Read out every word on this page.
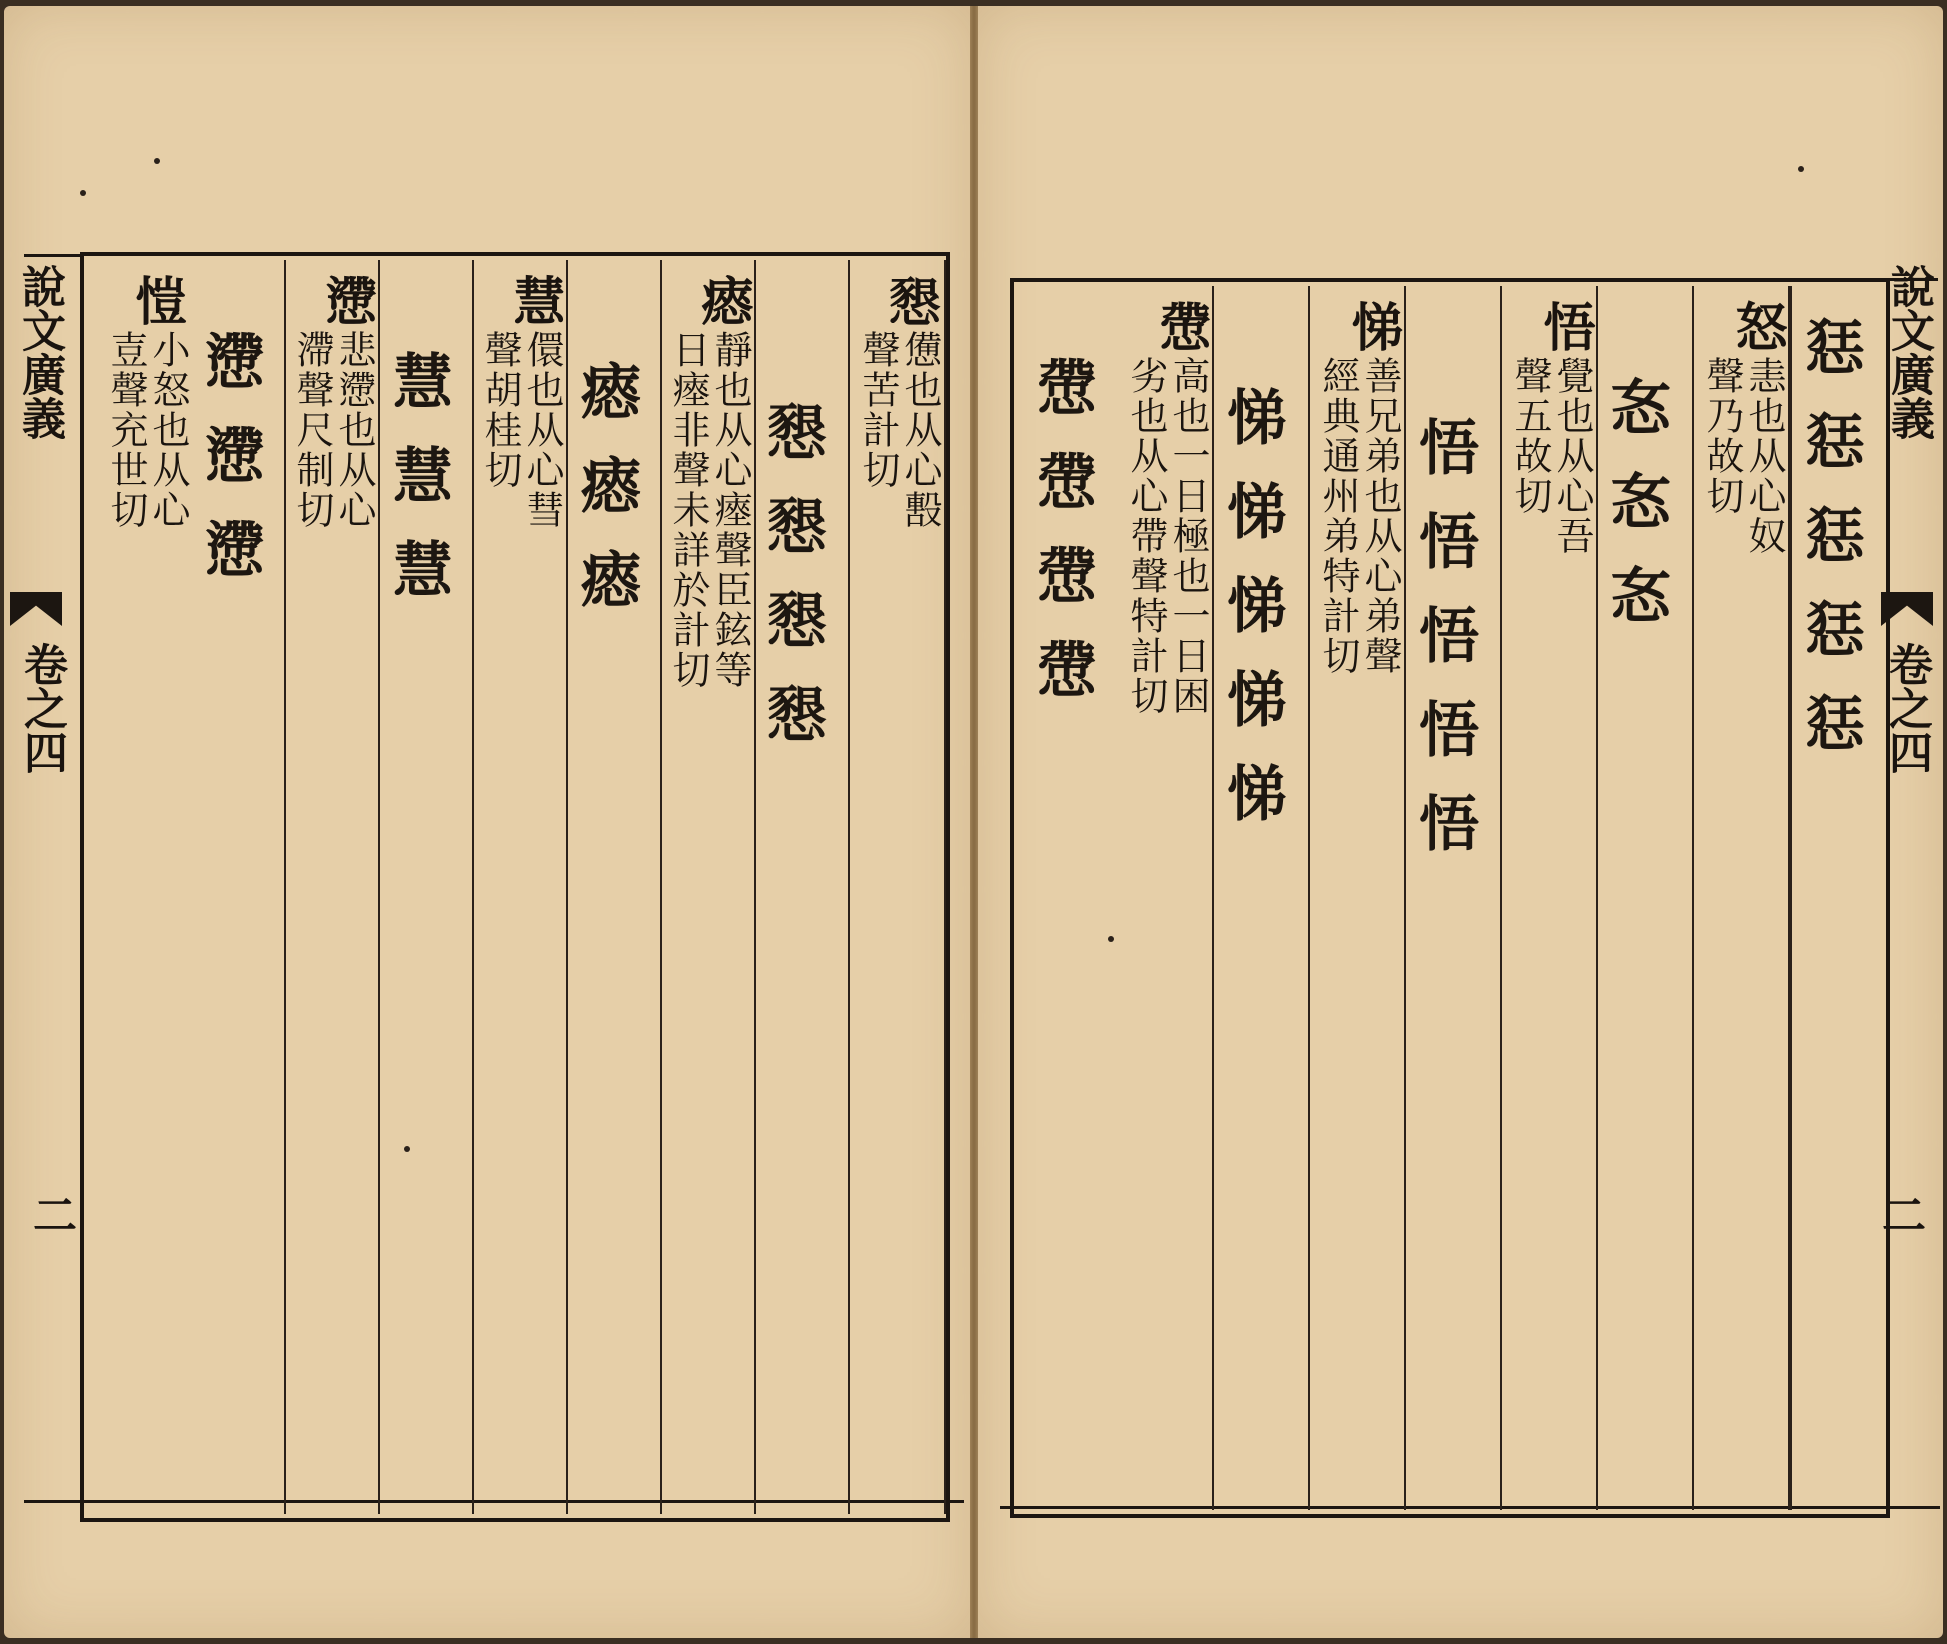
說文廣義
卷之四
二
𢡆
憊也从心毄
聲苦計切
𢡆𢡆𢡆𢡆
瘱
靜也从心瘞聲臣鉉等
日瘞非聲未詳於計切
瘱瘱瘱
慧
儇也从心彗
聲胡桂切
慧慧慧
懘
悲懘也从心
滯聲尺制切
懘懘懘
愷
小怒也从心
壴聲充世切	說文廣義
卷之四
二
㤮㤮㤮㤮㤮
怒
恚也从心奴
聲乃故切
㣽㣽㣽
悟
覺也从心吾
聲五故切
悟悟悟悟悟
悌
善兄弟也从心弟聲
經典通州弟特計切
悌悌悌悌悌
慸
高也一日極也一日困
劣也从心帶聲特計切
慸慸慸慸
